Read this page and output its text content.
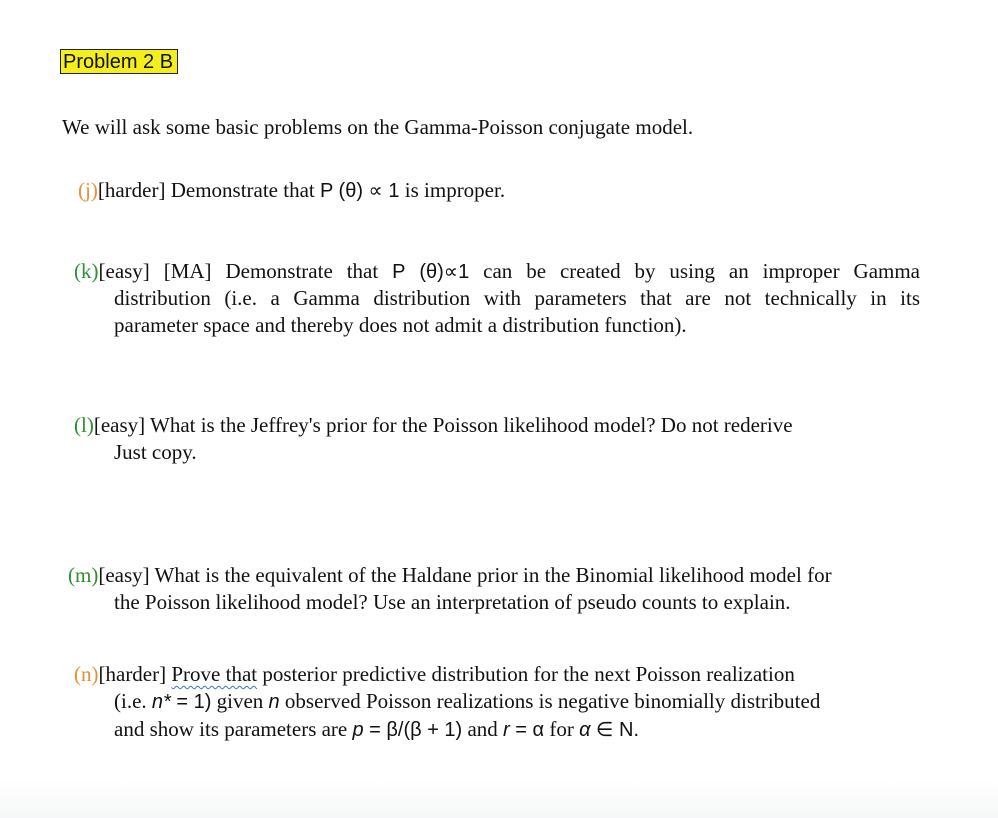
Problem 2 B
We will ask some basic problems on the Gamma-Poisson conjugate model.
(j)[harder] Demonstrate that P (θ) ∝ 1 is improper.
(k)[easy] [MA] Demonstrate that P (θ)∝1 can be created by using an improper Gamma
distribution (i.e. a Gamma distribution with parameters that are not technically in its
parameter space and thereby does not admit a distribution function).
(l)[easy] What is the Jeffrey's prior for the Poisson likelihood model? Do not rederive
Just copy.
(m)[easy] What is the equivalent of the Haldane prior in the Binomial likelihood model for
the Poisson likelihood model? Use an interpretation of pseudo counts to explain.
(n)[harder] Prove that posterior predictive distribution for the next Poisson realization
(i.e. n* = 1) given n observed Poisson realizations is negative binomially distributed
and show its parameters are p = β/(β + 1) and r = α for α ∈ N.
